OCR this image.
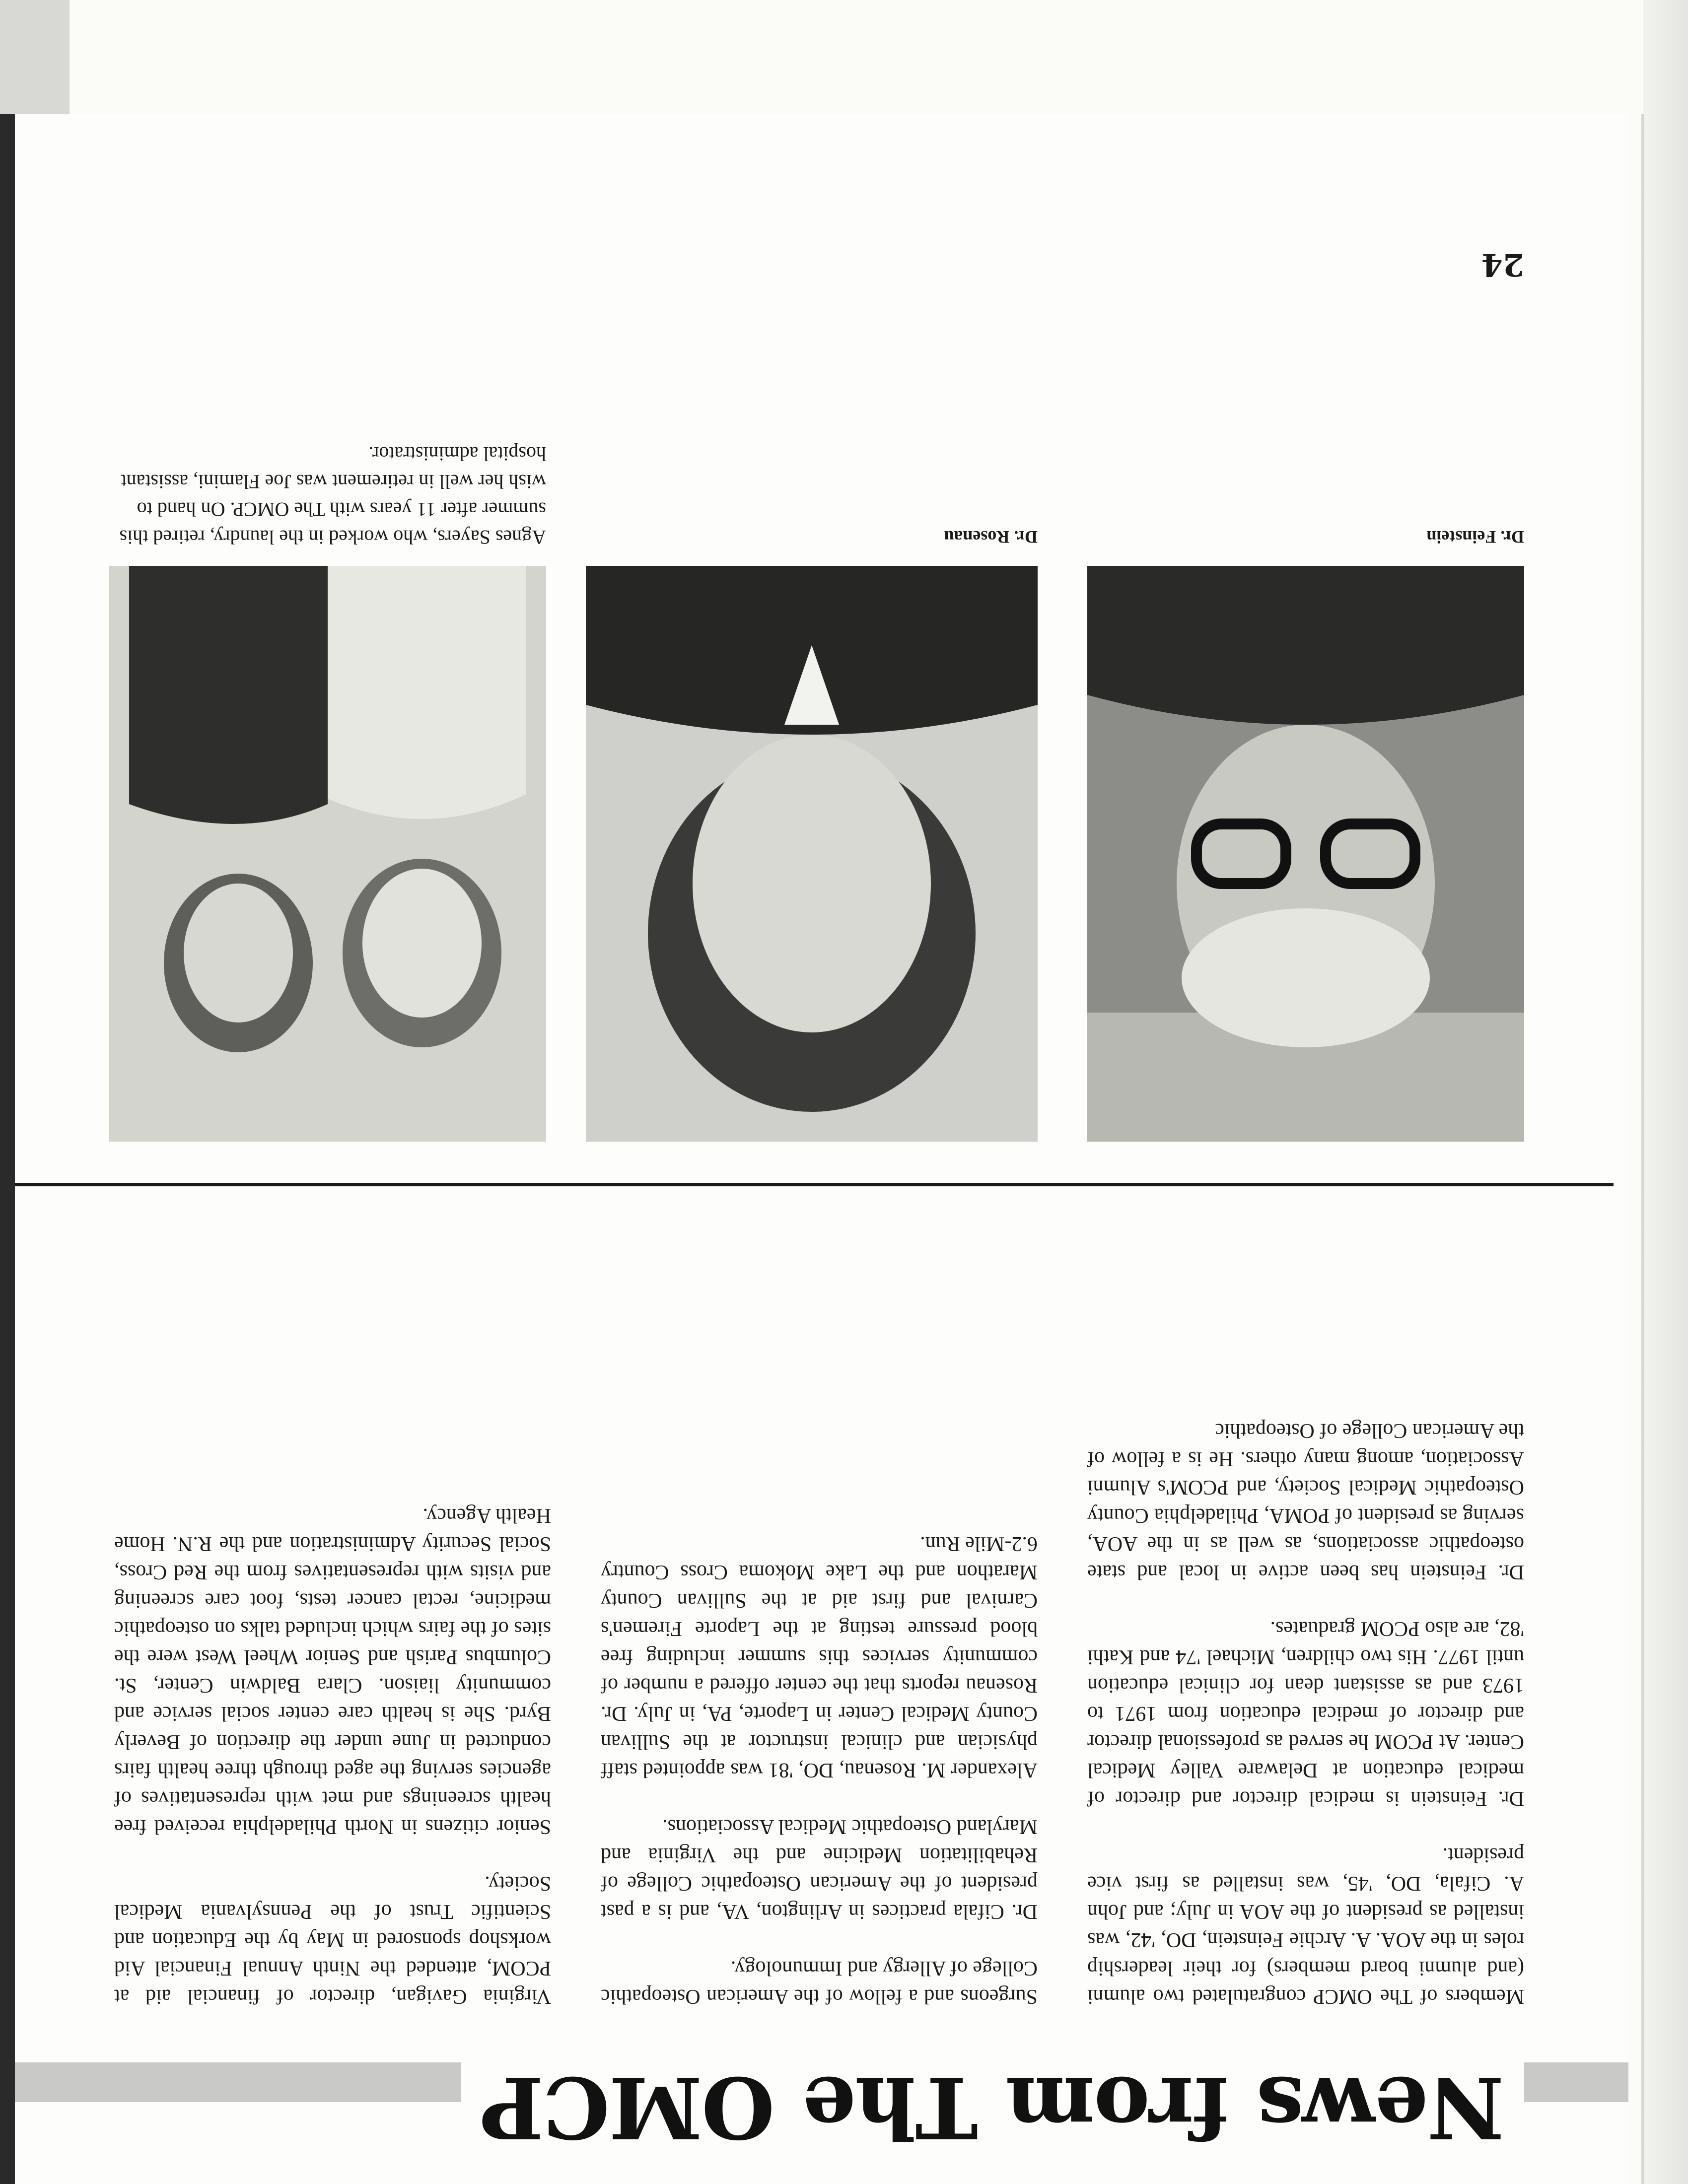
News from The OMCP

Members of The OMCP congratulated two alumni (and alumni board members) for their leadership roles in the AOA. A. Archie Feinstein, DO, '42, was installed as president of the AOA in July; and John A. Cifala, DO, '45, was installed as first vice president.

Dr. Feinstein is medical director and director of medical education at Delaware Valley Medical Center. At PCOM he served as professional director and director of medical education from 1971 to 1973 and as assistant dean for clinical education until 1977. His two children, Michael '74 and Kathi '82, are also PCOM graduates.

Dr. Feinstein has been active in local and state osteopathic associations, as well as in the AOA, serving as president of POMA, Philadelphia County Osteopathic Medical Society, and PCOM's Alumni Association, among many others. He is a fellow of the American College of Osteopathic

Surgeons and a fellow of the American Osteopathic College of Allergy and Immunology.

Dr. Cifala practices in Arlington, VA, and is a past president of the American Osteopathic College of Rehabilitation Medicine and the Virginia and Maryland Osteopathic Medical Associations.

Alexander M. Rosenau, DO, '81 was appointed staff physician and clinical instructor at the Sullivan County Medical Center in Laporte, PA, in July. Dr. Rosenau reports that the center offered a number of community services this summer including free blood pressure testing at the Laporte Firemen's Carnival and first aid at the Sullivan County Marathon and the Lake Mokoma Cross Country 6.2-Mile Run.

Virginia Gavigan, director of financial aid at PCOM, attended the Ninth Annual Financial Aid workshop sponsored in May by the Education and Scientific Trust of the Pennsylvania Medical Society.

Senior citizens in North Philadelphia received free health screenings and met with representatives of agencies serving the aged through three health fairs conducted in June under the direction of Beverly Byrd. She is health care center social service and community liaison. Clara Baldwin Center, St. Columbus Parish and Senior Wheel West were the sites of the fairs which included talks on osteopathic medicine, rectal cancer tests, foot care screening and visits with representatives from the Red Cross, Social Security Administration and the R.N. Home Health Agency.

Dr. Feinstein
Dr. Rosenau
Agnes Sayers, who worked in the laundry, retired this summer after 11 years with The OMCP. On hand to wish her well in retirement was Joe Flamini, assistant hospital administrator.
24
